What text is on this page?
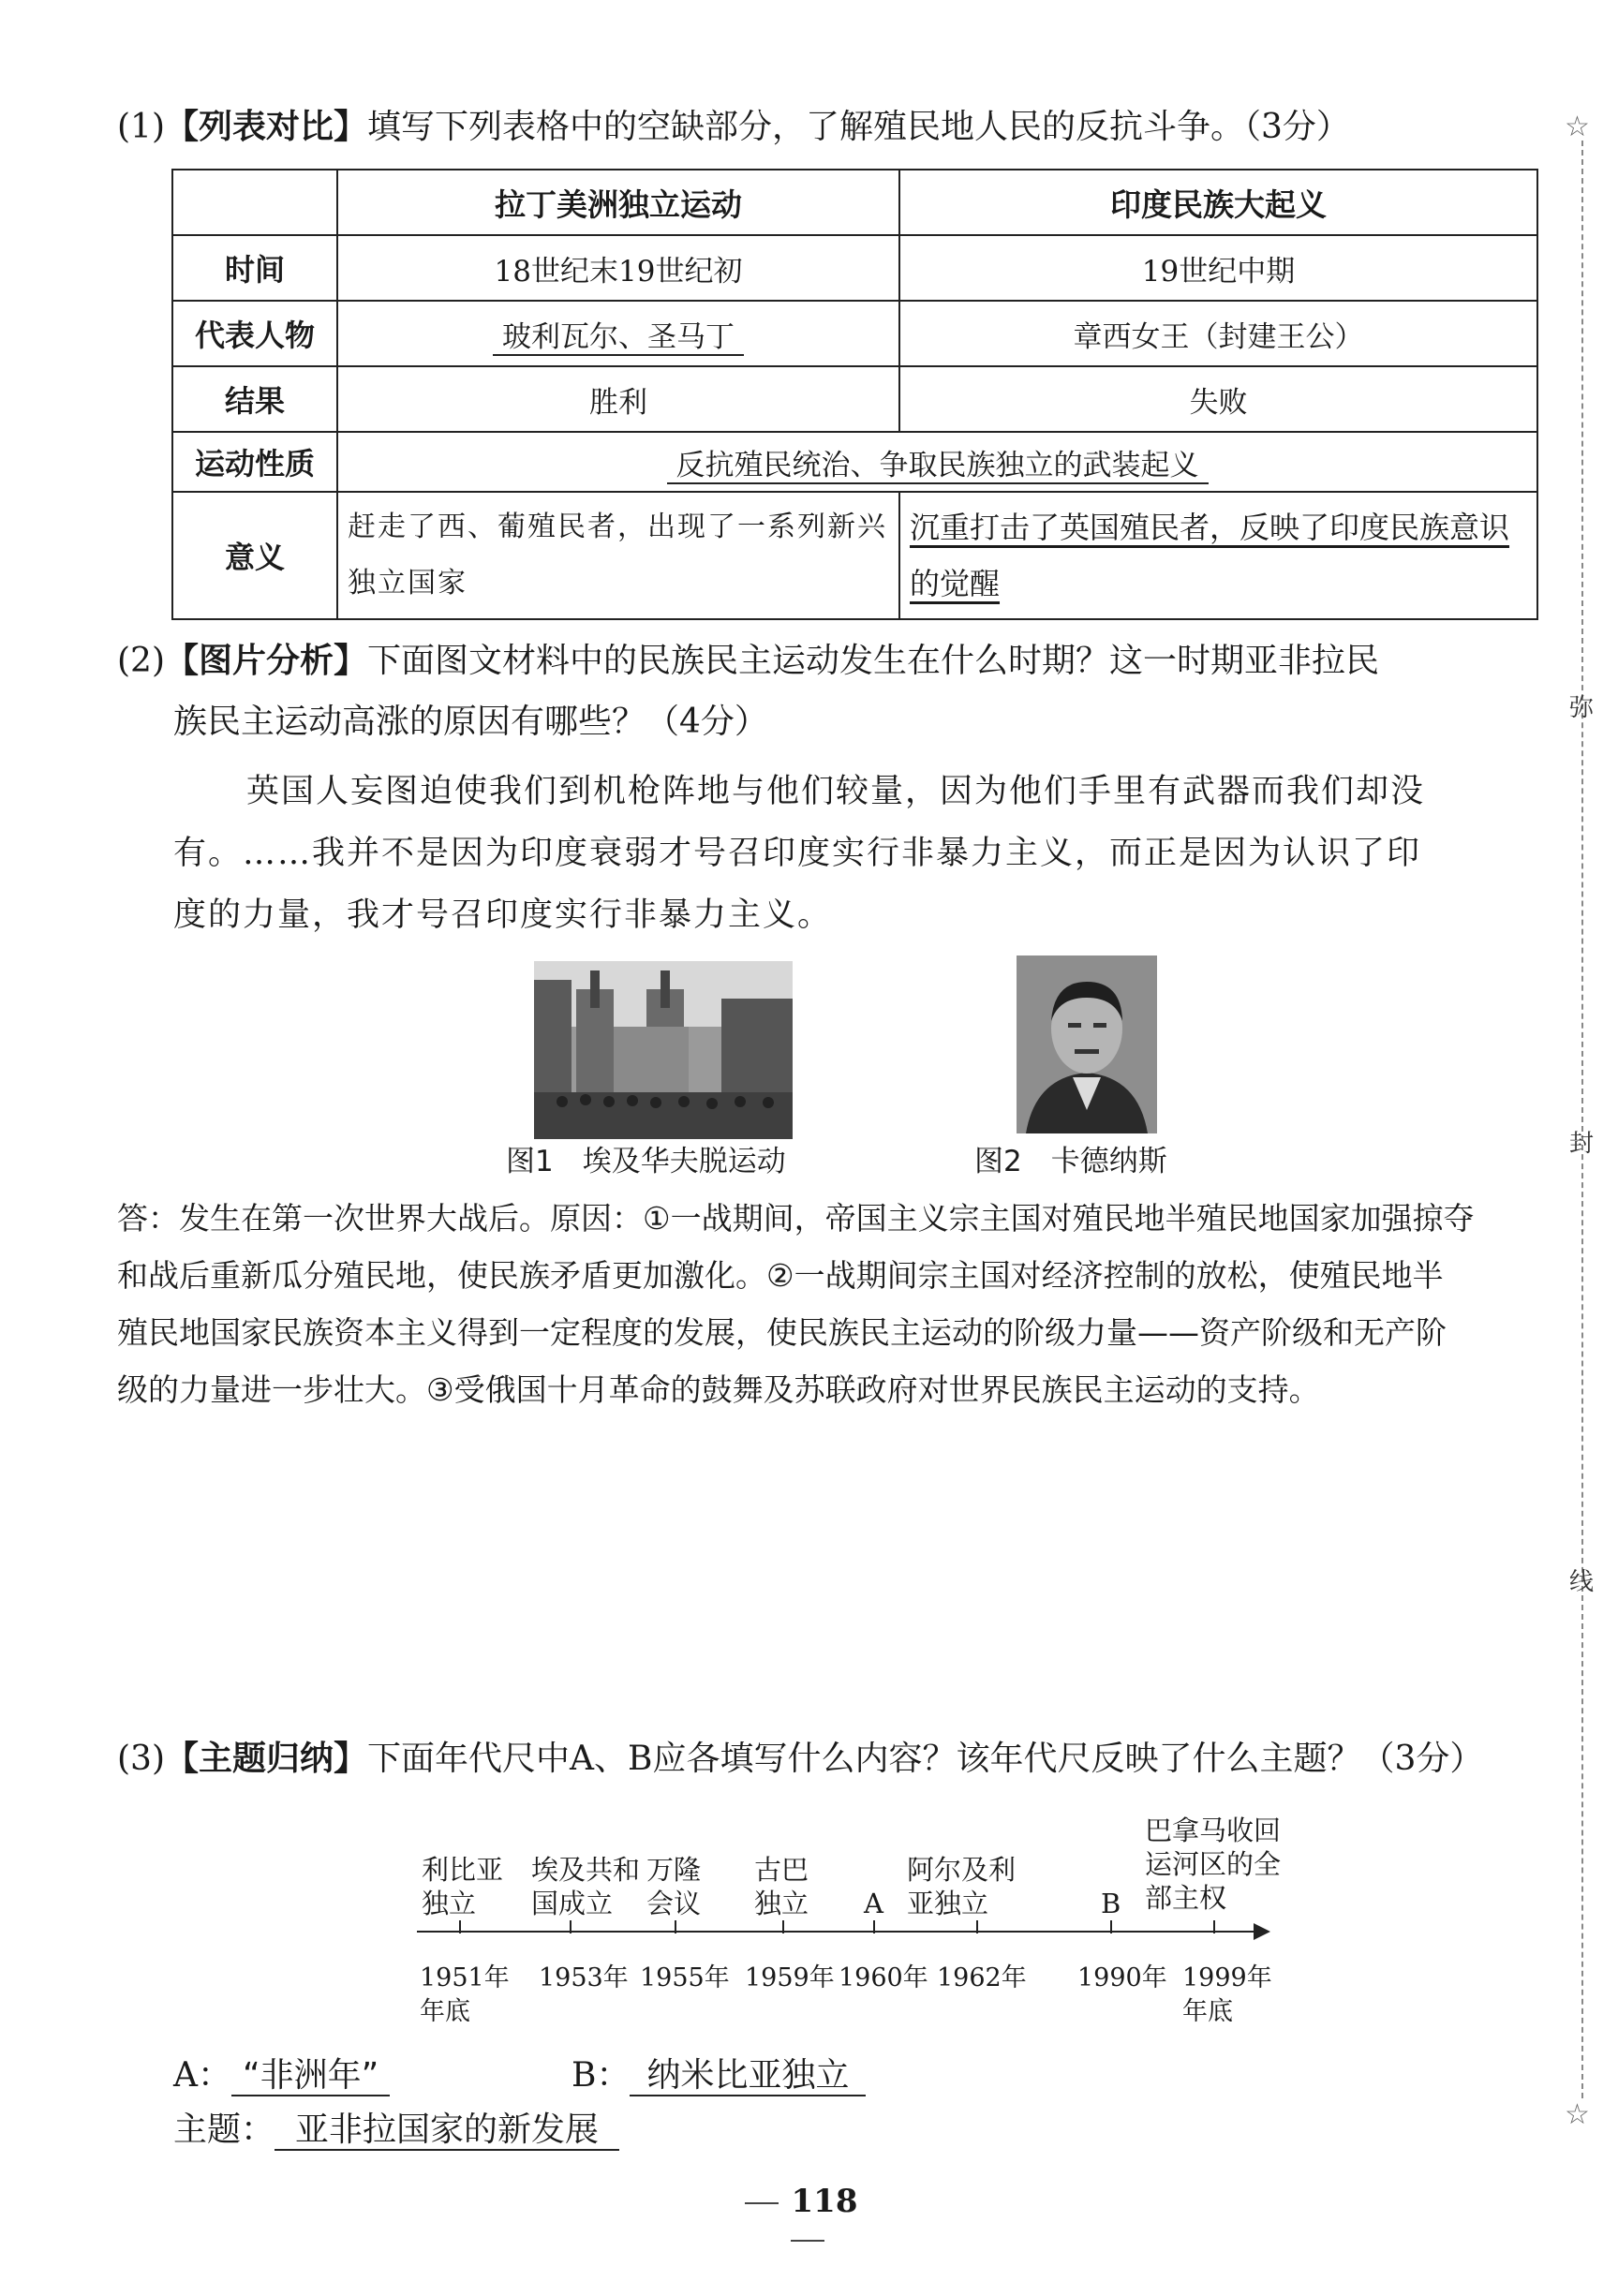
(1)【列表对比】填写下列表格中的空缺部分，了解殖民地人民的反抗斗争。（3分）
	拉丁美洲独立运动	印度民族大起义
时间	18世纪末19世纪初	19世纪中期
代表人物	玻利瓦尔、圣马丁	章西女王（封建王公）
结果	胜利	失败
运动性质	反抗殖民统治、争取民族独立的武装起义	
意义	赶走了西、葡殖民者，出现了一系列新兴独立国家	沉重打击了英国殖民者，反映了印度民族意识的觉醒
(2)【图片分析】下面图文材料中的民族民主运动发生在什么时期？这一时期亚非拉民
族民主运动高涨的原因有哪些？（4分）
英国人妄图迫使我们到机枪阵地与他们较量，因为他们手里有武器而我们却没
有。……我并不是因为印度衰弱才号召印度实行非暴力主义，而正是因为认识了印
度的力量，我才号召印度实行非暴力主义。
图1　埃及华夫脱运动	图2　卡德纳斯
答：发生在第一次世界大战后。原因：①一战期间，帝国主义宗主国对殖民地半殖民地国家加强掠夺
和战后重新瓜分殖民地，使民族矛盾更加激化。②一战期间宗主国对经济控制的放松，使殖民地半
殖民地国家民族资本主义得到一定程度的发展，使民族民主运动的阶级力量——资产阶级和无产阶
级的力量进一步壮大。③受俄国十月革命的鼓舞及苏联政府对世界民族民主运动的支持。
(3)【主题归纳】下面年代尺中A、B应各填写什么内容？该年代尺反映了什么主题？（3分）
利比亚
独立
埃及共和
国成立
万隆
会议
古巴
独立
A
阿尔及利
亚独立
	B
巴拿马收回
运河区的全
部主权
1951年
年底
1953年 1955年 1959年 1960年 1962年 1990年 1999年
年底
A： “非洲年”	B： 纳米比亚独立
主题： 亚非拉国家的新发展
118
☆
☆
弥
封
线
